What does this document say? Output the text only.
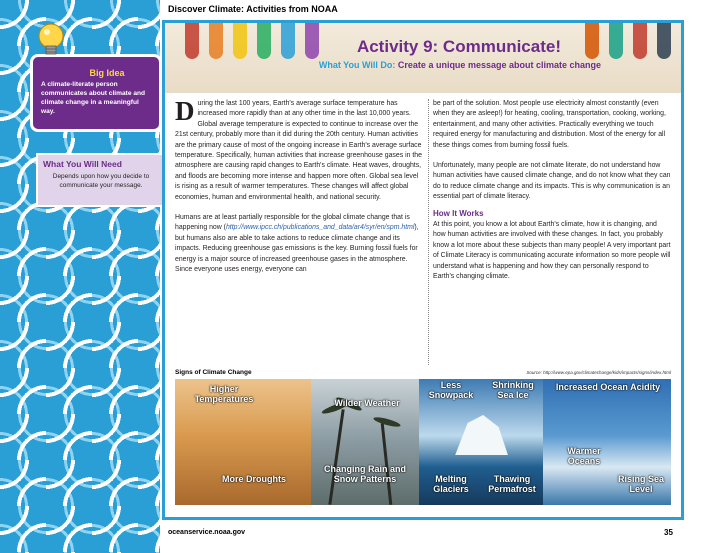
Discover Climate: Activities from NOAA
Big Idea
A climate-literate person communicates about climate and climate change in a meaningful way.
What You Will Need
Depends upon how you decide to communicate your message.
Activity 9: Communicate!
What You Will Do: Create a unique message about climate change

D uring the last 100 years, Earth's average surface temperature has increased more rapidly than at any other time in the last 10,000 years. Global average temperature is expected to continue to increase over the 21st century, probably more than it did during the 20th century. Human activities are the primary cause of most of the ongoing increase in Earth's average surface temperature. Specifically, human activities that increase greenhouse gases in the atmosphere are causing rapid changes to Earth's climate. Heat waves, droughts, and floods are becoming more intense and happen more often. Global sea level is rising as a result of warmer temperatures. These changes will affect global economies, human and environmental health, and national security.

Humans are at least partially responsible for the global climate change that is happening now (http://www.ipcc.ch/publications_and_data/ar4/syr/en/spm.html), but humans also are able to take actions to reduce climate change and its impacts. Reducing greenhouse gas emissions is the key. Burning fossil fuels for energy is a major source of increased greenhouse gases in the atmosphere. Since everyone uses energy, everyone can

be part of the solution. Most people use electricity almost constantly (even when they are asleep!) for heating, cooling, transportation, cooking, working, entertainment, and many other activities. Practically everything we touch required energy for manufacturing and distribution. Most of the energy for all these things comes from burning fossil fuels.

Unfortunately, many people are not climate literate, do not understand how human activities have caused climate change, and do not know what they can do to reduce climate change and its impacts. This is why communication is an essential part of climate literacy.

How It Works

At this point, you know a lot about Earth's climate, how it is changing, and how human activities are involved with these changes. In fact, you probably know a lot more about these subjects than many people! A very important part of Climate Literacy is communicating accurate information so more people will understand what is happening and how they can personally respond to Earth's changing climate.

Signs of Climate Change	Source: http://www.epa.gov/climatechange/kids/impacts/signs/index.html
Higher Temperatures
More Droughts
Wilder Weather
Changing Rain and Snow Patterns
Less Snowpack
Shrinking Sea Ice
Melting Glaciers
Thawing Permafrost
Increased Ocean Acidity
Warmer Oceans
Rising Sea Level
oceanservice.noaa.gov	35
